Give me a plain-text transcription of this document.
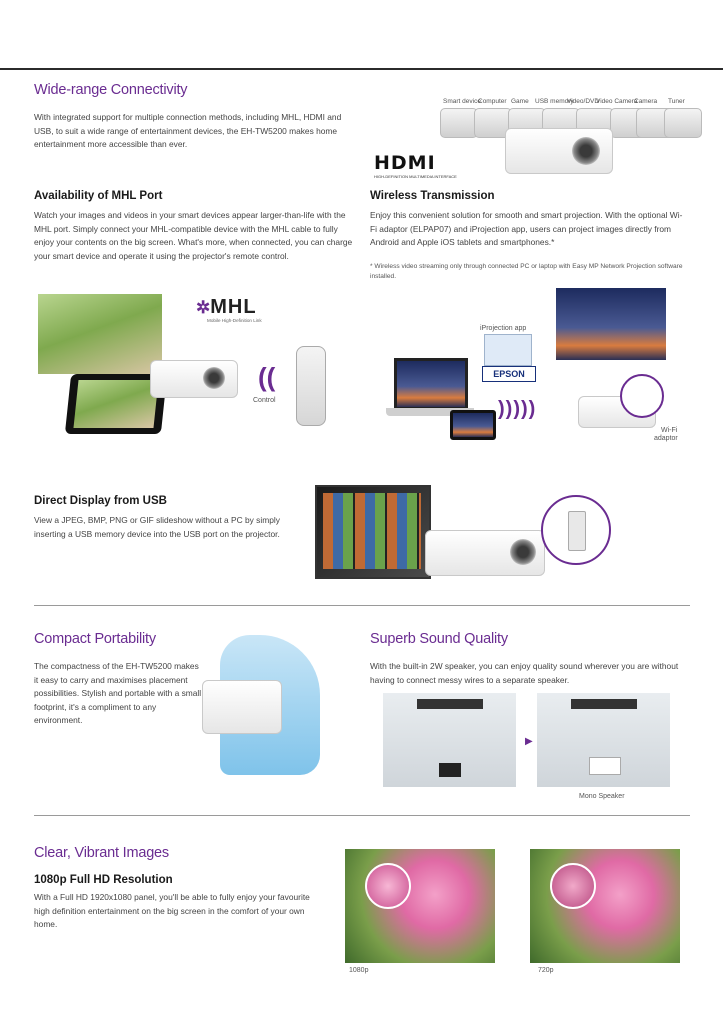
Wide-range Connectivity
With integrated support for multiple connection methods, including MHL, HDMI and USB, to suit a wide range of entertainment devices, the EH-TW5200 makes home entertainment more accessible than ever.
Smart device
Computer Game USB memory
Video/DVD
Video Camera
Camera Tuner
HDMI
HIGH-DEFINITION MULTIMEDIA INTERFACE
Availability of MHL Port
Watch your images and videos in your smart devices appear larger-than-life with the MHL port. Simply connect your MHL-compatible device with the MHL cable to fully enjoy your contents on the big screen. What's more, when connected, you can charge your smart device and operate it using the projector's remote control.
Wireless Transmission
Enjoy this convenient solution for smooth and smart projection. With the optional Wi-Fi adaptor (ELPAP07) and iProjection app, users can project images directly from Android and Apple iOS tablets and smartphones.*
* Wireless video streaming only through connected PC or laptop with Easy MP Network Projection software installed.
✲MHL
Mobile High-Definition Link
((
Control
iProjection app
EPSON
)))))
Wi-Fi
adaptor
Direct Display from USB
View a JPEG, BMP, PNG or GIF slideshow without a PC by simply inserting a USB memory device into the USB port on the projector.
Compact Portability
The compactness of the EH-TW5200 makes it easy to carry and maximises placement possibilities. Stylish and portable with a small footprint, it's a compliment to any environment.
Superb Sound Quality
With the built-in 2W speaker, you can enjoy quality sound wherever you are without having to connect messy wires to a separate speaker.
▶
Mono Speaker
Clear, Vibrant Images
1080p Full HD Resolution
With a Full HD 1920x1080 panel, you'll be able to fully enjoy your favourite high definition entertainment on the big screen in the comfort of your own home.
1080p	720p
